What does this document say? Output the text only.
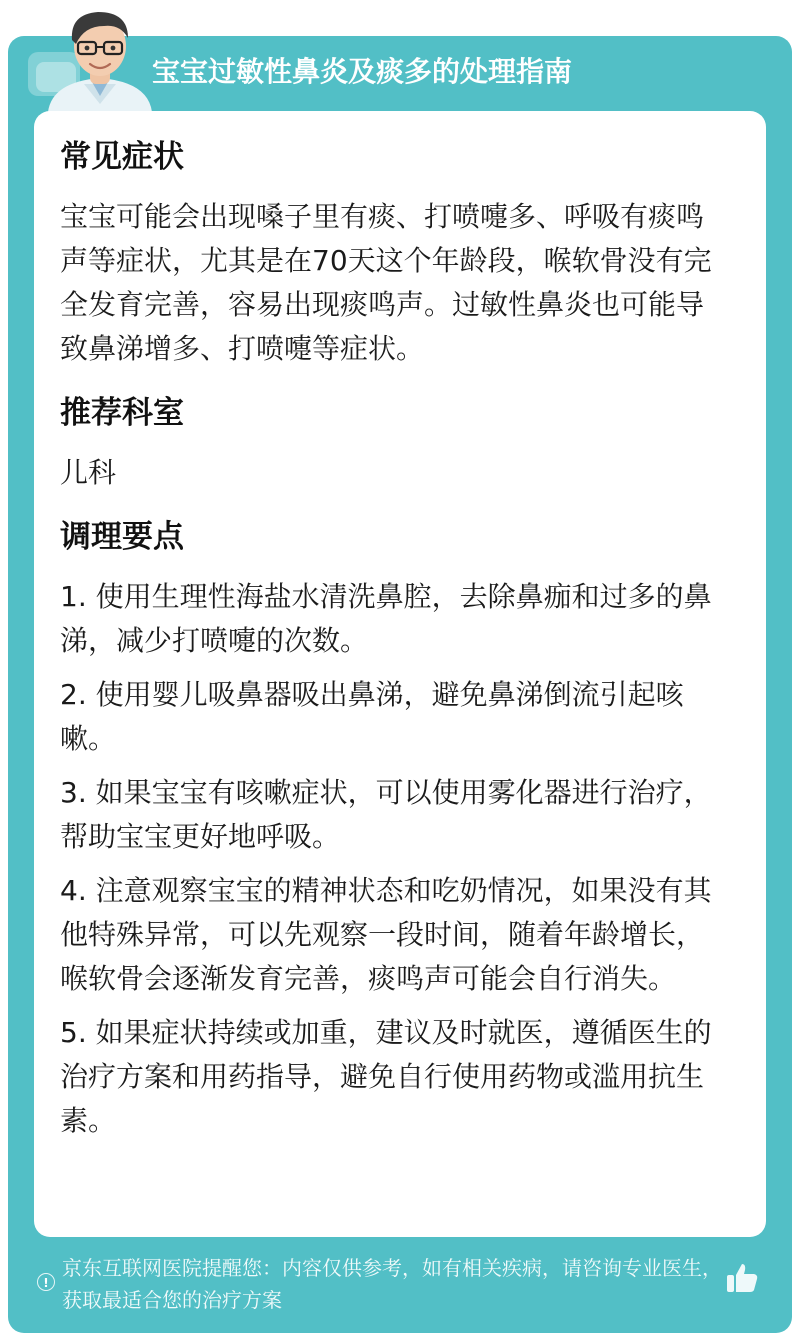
宝宝过敏性鼻炎及痰多的处理指南
常见症状

宝宝可能会出现嗓子里有痰、打喷嚏多、呼吸有痰鸣声等症状，尤其是在70天这个年龄段，喉软骨没有完全发育完善，容易出现痰鸣声。过敏性鼻炎也可能导致鼻涕增多、打喷嚏等症状。

推荐科室

儿科

调理要点

1. 使用生理性海盐水清洗鼻腔，去除鼻痂和过多的鼻涕，减少打喷嚏的次数。

2. 使用婴儿吸鼻器吸出鼻涕，避免鼻涕倒流引起咳嗽。

3. 如果宝宝有咳嗽症状，可以使用雾化器进行治疗，帮助宝宝更好地呼吸。

4. 注意观察宝宝的精神状态和吃奶情况，如果没有其他特殊异常，可以先观察一段时间，随着年龄增长，喉软骨会逐渐发育完善，痰鸣声可能会自行消失。

5. 如果症状持续或加重，建议及时就医，遵循医生的治疗方案和用药指导，避免自行使用药物或滥用抗生素。

!
京东互联网医院提醒您：内容仅供参考，如有相关疾病，请咨询专业医生，获取最适合您的治疗方案
